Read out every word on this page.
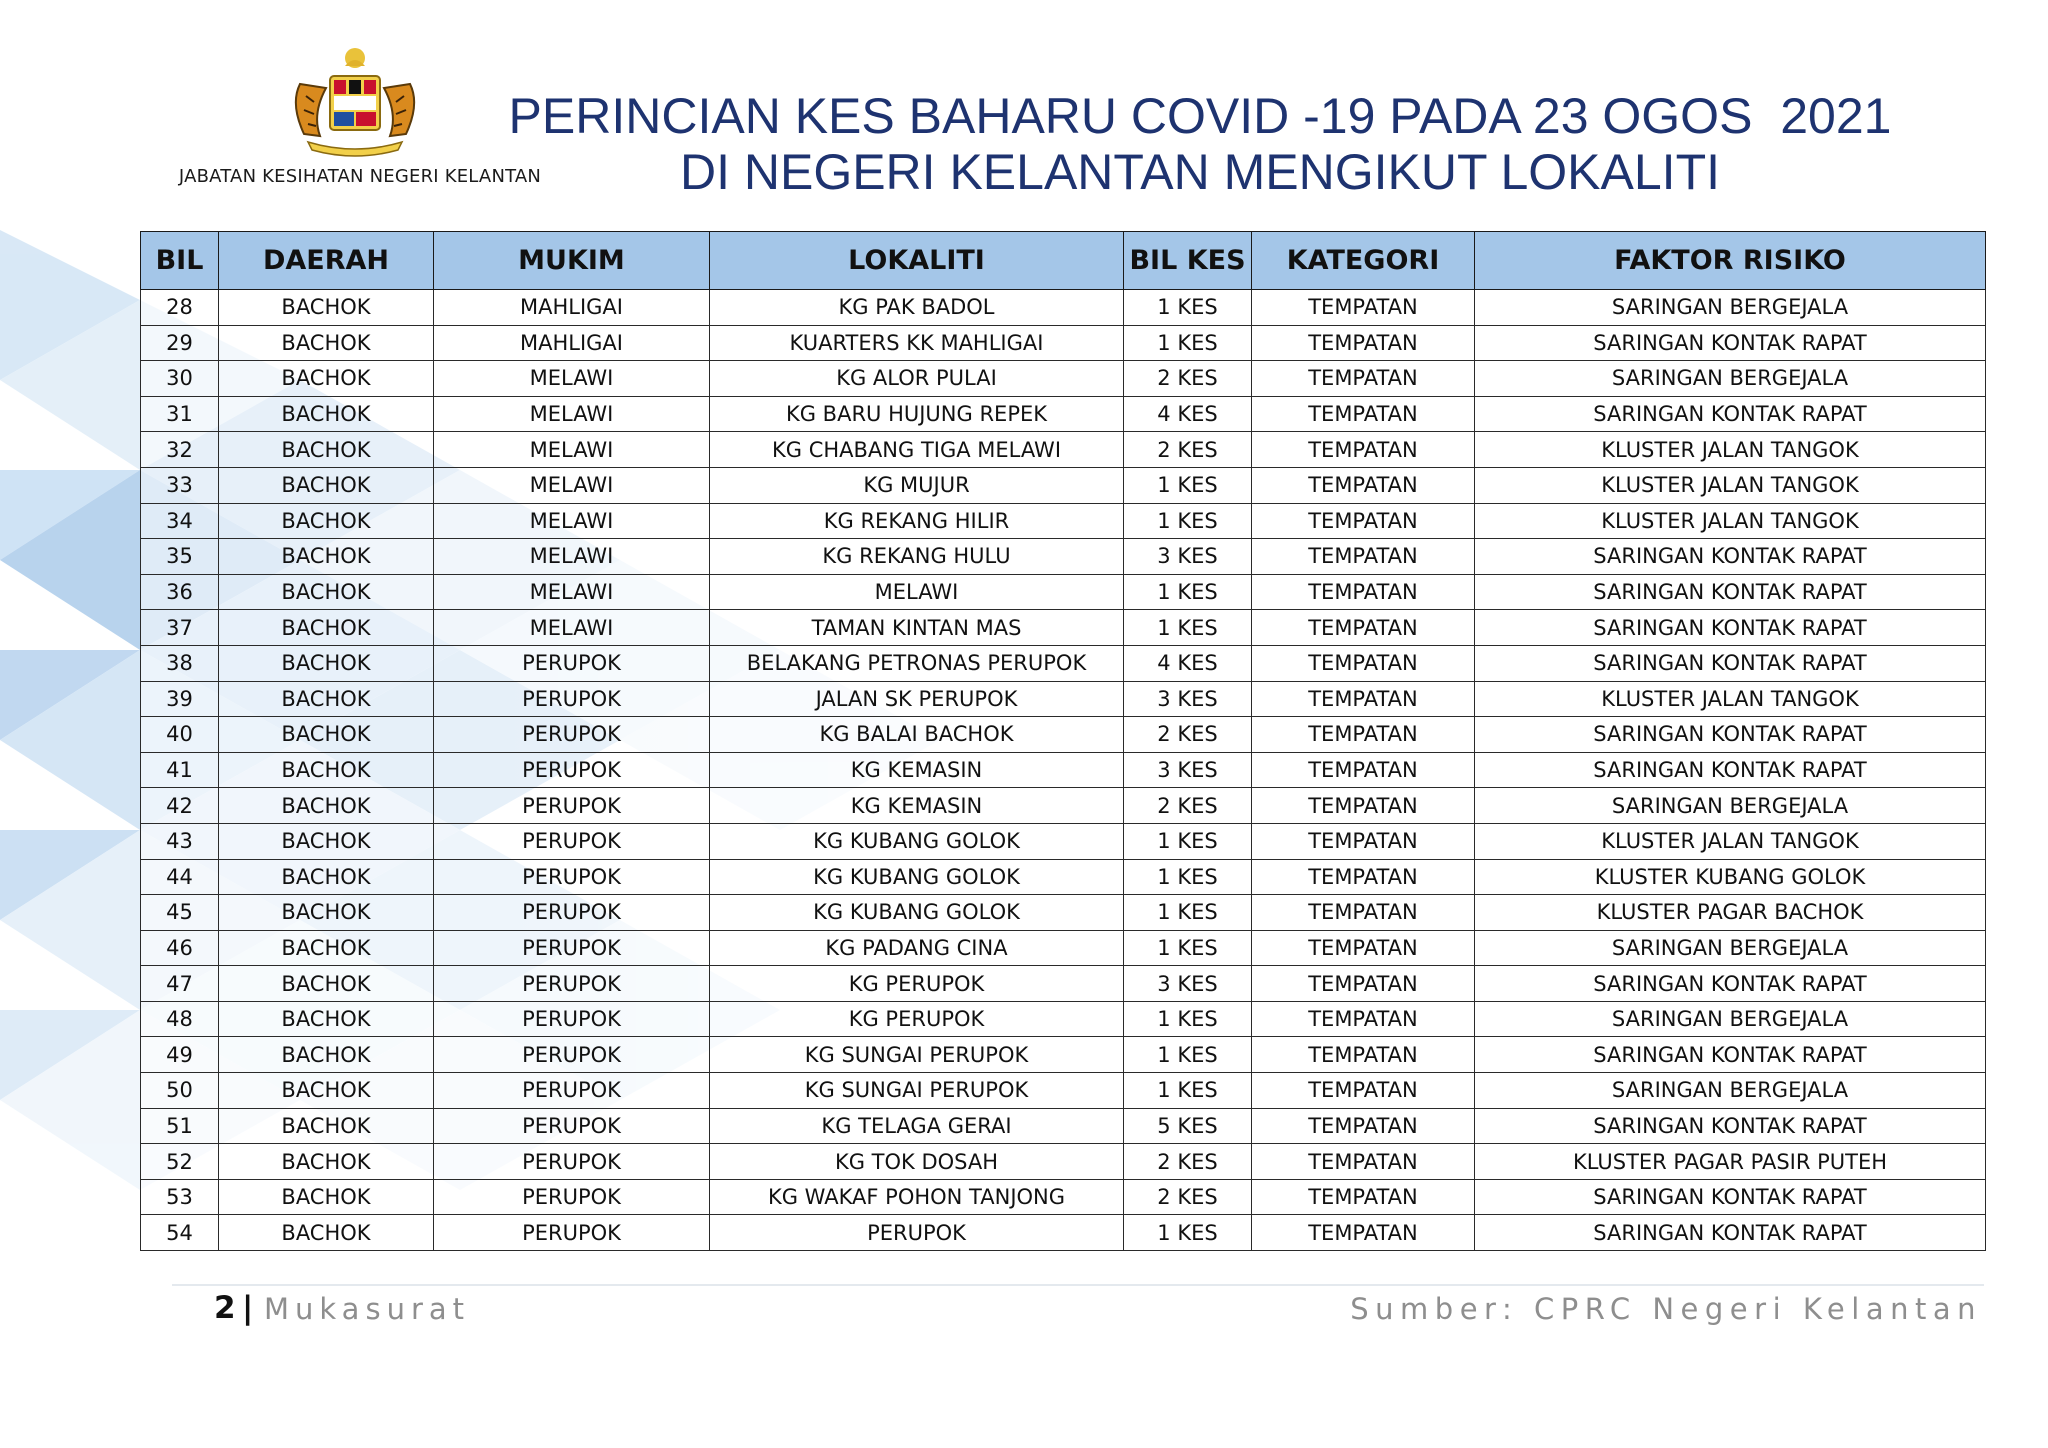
JABATAN KESIHATAN NEGERI KELANTAN
PERINCIAN KES BAHARU COVID -19 PADA 23 OGOS  2021
DI NEGERI KELANTAN MENGIKUT LOKALITI
BIL	DAERAH	MUKIM	LOKALITI	BIL KES	KATEGORI	FAKTOR RISIKO
28	BACHOK	MAHLIGAI	KG PAK BADOL	1 KES	TEMPATAN	SARINGAN BERGEJALA
29	BACHOK	MAHLIGAI	KUARTERS KK MAHLIGAI	1 KES	TEMPATAN	SARINGAN KONTAK RAPAT
30	BACHOK	MELAWI	KG ALOR PULAI	2 KES	TEMPATAN	SARINGAN BERGEJALA
31	BACHOK	MELAWI	KG BARU HUJUNG REPEK	4 KES	TEMPATAN	SARINGAN KONTAK RAPAT
32	BACHOK	MELAWI	KG CHABANG TIGA MELAWI	2 KES	TEMPATAN	KLUSTER JALAN TANGOK
33	BACHOK	MELAWI	KG MUJUR	1 KES	TEMPATAN	KLUSTER JALAN TANGOK
34	BACHOK	MELAWI	KG REKANG HILIR	1 KES	TEMPATAN	KLUSTER JALAN TANGOK
35	BACHOK	MELAWI	KG REKANG HULU	3 KES	TEMPATAN	SARINGAN KONTAK RAPAT
36	BACHOK	MELAWI	MELAWI	1 KES	TEMPATAN	SARINGAN KONTAK RAPAT
37	BACHOK	MELAWI	TAMAN KINTAN MAS	1 KES	TEMPATAN	SARINGAN KONTAK RAPAT
38	BACHOK	PERUPOK	BELAKANG PETRONAS PERUPOK	4 KES	TEMPATAN	SARINGAN KONTAK RAPAT
39	BACHOK	PERUPOK	JALAN SK PERUPOK	3 KES	TEMPATAN	KLUSTER JALAN TANGOK
40	BACHOK	PERUPOK	KG BALAI BACHOK	2 KES	TEMPATAN	SARINGAN KONTAK RAPAT
41	BACHOK	PERUPOK	KG KEMASIN	3 KES	TEMPATAN	SARINGAN KONTAK RAPAT
42	BACHOK	PERUPOK	KG KEMASIN	2 KES	TEMPATAN	SARINGAN BERGEJALA
43	BACHOK	PERUPOK	KG KUBANG GOLOK	1 KES	TEMPATAN	KLUSTER JALAN TANGOK
44	BACHOK	PERUPOK	KG KUBANG GOLOK	1 KES	TEMPATAN	KLUSTER KUBANG GOLOK
45	BACHOK	PERUPOK	KG KUBANG GOLOK	1 KES	TEMPATAN	KLUSTER PAGAR BACHOK
46	BACHOK	PERUPOK	KG PADANG CINA	1 KES	TEMPATAN	SARINGAN BERGEJALA
47	BACHOK	PERUPOK	KG PERUPOK	3 KES	TEMPATAN	SARINGAN KONTAK RAPAT
48	BACHOK	PERUPOK	KG PERUPOK	1 KES	TEMPATAN	SARINGAN BERGEJALA
49	BACHOK	PERUPOK	KG SUNGAI PERUPOK	1 KES	TEMPATAN	SARINGAN KONTAK RAPAT
50	BACHOK	PERUPOK	KG SUNGAI PERUPOK	1 KES	TEMPATAN	SARINGAN BERGEJALA
51	BACHOK	PERUPOK	KG TELAGA GERAI	5 KES	TEMPATAN	SARINGAN KONTAK RAPAT
52	BACHOK	PERUPOK	KG TOK DOSAH	2 KES	TEMPATAN	KLUSTER PAGAR PASIR PUTEH
53	BACHOK	PERUPOK	KG WAKAF POHON TANJONG	2 KES	TEMPATAN	SARINGAN KONTAK RAPAT
54	BACHOK	PERUPOK	PERUPOK	1 KES	TEMPATAN	SARINGAN KONTAK RAPAT
2 | Mukasurat	Sumber: CPRC Negeri Kelantan
